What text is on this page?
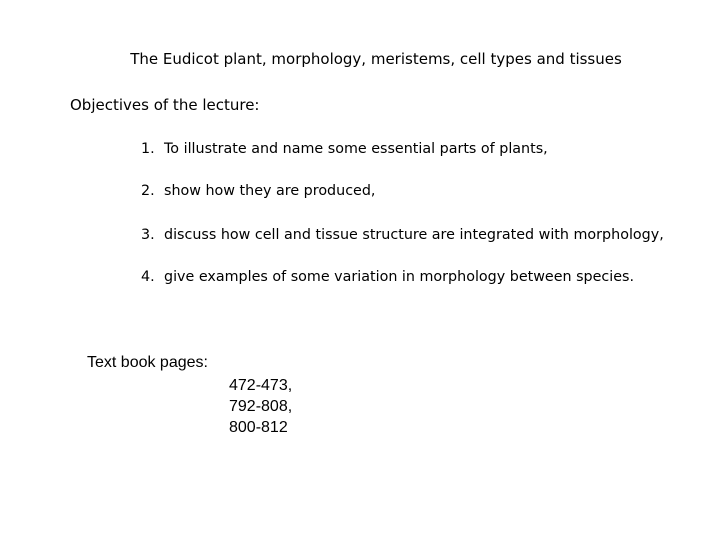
The Eudicot plant, morphology, meristems, cell types and tissues
Objectives of the lecture:
1. To illustrate and name some essential parts of plants,
2. show how they are produced,
3. discuss how cell and tissue structure are integrated with morphology,
4. give examples of some variation in morphology between species.
Text book pages:
472-473,
792-808,
800-812
